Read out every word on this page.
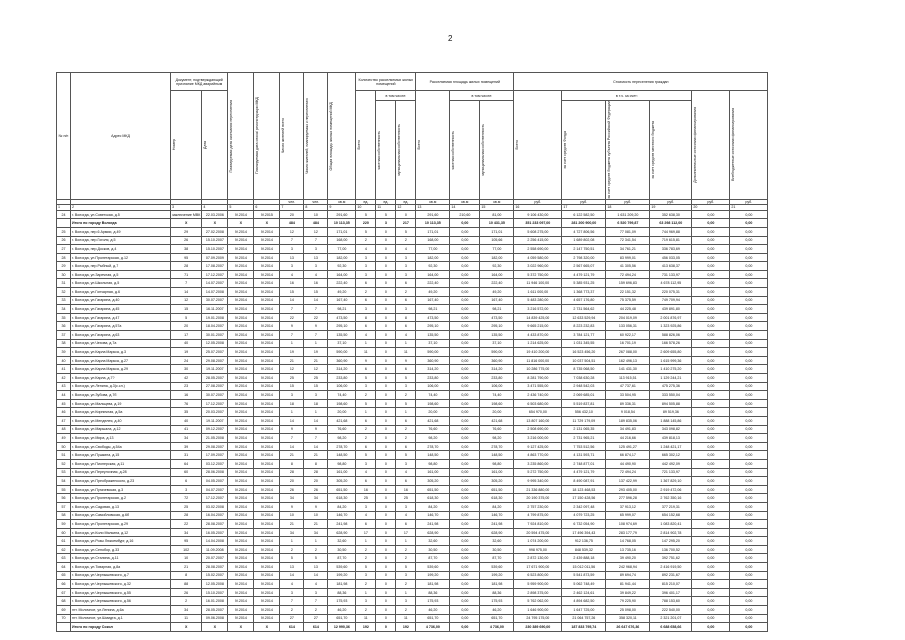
2
№ п/п	Адрес МКД	Документ, подтверждающий признание МКД аварийным		Планируемая дата окончания переселения	Планируемая дата сноса/ реконструкции МКД	Число жителей всего	Число жителей, планируемых к переселению	Общая площадь жилых помещений МКД	Количество расселяемых жилых помещений			Расселяемая площадь жилых помещений			Стоимость переселения граждан					

		Номер	Дата						Всего	в том числе:		Всего	в том числе:		Всего	в т.ч. за счет:			Дополнительные источники финансирования	Внебюджетные источники финансирования

										частная собственность	муниципальная собственность		частная собственность	муниципальная собственность		за счет средств Фонда	за счет средств бюджета субъекта Российской Федерации	за счет средств местного бюджета		

						чел.	чел.	кв.м	ед.	ед.	ед.	кв.м	кв.м	кв.м	руб.	руб.	руб.	руб.	руб.	руб.
1	2	3	4	5	6	7	8	9	10	11	12	13	14	15	16	17	18	19	20	21
24	г. Вологда, ул.Советская, д.5	заключение МВК	22.03.2006	IV.2014	IV.2015	20	10	291,60	5	5	0	291,60	210,60	81,00	9 106 430,00	6 122 582,50	1 631 209,20	352 638,30	0,00	0,00
	Итого по городу Вологда	Х	Х	Х	Х	484	484	10 113,35	220	3	217	10 113,35	0,00	10 431,35	351 233 097,00	281 200 900,00	6 520 799,87	63 298 112,00	0,00	0,00
25	г. Вологда, пер.6 Армии, д.49	29	27.02.2008	IV.2014	IV.2014	12	12	171,01	5	0	5	171,01	0,00	171,01	5 608 275,00	4 727 806,56	77 081,09	744 969,88	0,00	0,00
26	г. Вологда, пер.Гоголя, д.5	26	15.10.2007	IV.2014	IV.2014	7	7	168,00	2	0	2	168,00	0,00	105,66	2 256 415,00	1 689 802,08	72 341,54	719 615,81	0,00	0,00
27	г. Вологда, пер.Досков, д.4	38	15.10.2007	IV.2014	IV.2014	3	3	77,00	4	0	4	77,00	0,00	77,00	2 558 690,00	2 147 750,51	34 761,21	336 783,69	0,00	0,00
28	г. Вологда, ул.Пролетарская, д.12	95	07.09.2009	IV.2014	IV.2014	13	13	182,00	3	0	3	182,00	0,00	182,00	4 059 580,00	2 798 320,00	83 999,01	456 033,05	0,00	0,00
29	г. Вологда, пер.Рыбный, д.7	28	17.08.2007	IV.2014	IV.2014	3	3	92,30	3	0	3	92,30	0,00	92,30	3 022 960,00	2 567 665,07	41 305,56	413 638,37	0,00	0,00
30	г. Вологда, ул.Заречная, д.5	71	17.12.2007	IV.2014	IV.2014	4	4	164,00	3	0	3	164,00	0,00	164,00	5 372 750,00	4 479 121,79	72 494,24	731 133,97	0,00	0,00
31	г. Вологда, ул.Школьная, д.5	7	14.07.2007	IV.2014	IV.2014	16	16	222,40	6	0	6	222,40	0,00	222,40	11 946 100,00	5 385 931,25	159 696,83	4 678 112,95	0,00	0,00
32	г. Вологда, ул.Гончарная, д.6	14	14.07.2008	IV.2014	IV.2014	15	15	49,20	2	0	2	49,20	0,00	49,20	1 611 000,00	1 368 773,37	22 151,32	220 075,31	0,00	0,00
33	г. Вологда, ул.Гагарина, д.40	12	30.07.2007	IV.2014	IV.2014	14	14	167,40	6	0	6	167,40	0,00	167,40	5 483 280,00	4 657 176,80	75 375,59	749 709,94	0,00	0,00
34	г. Вологда, ул.Гагарина, д.45	15	16.11.2007	IV.2014	IV.2014	7	7	98,21	3	0	3	98,21	0,00	98,21	3 216 572,00	2 731 564,62	44 225,48	439 891,80	0,00	0,00
35	г. Вологда, ул.Гагарина, д.47	5	19.01.2008	IV.2014	IV.2014	22	22	473,50	8	0	8	473,50	0,00	473,50	14 839 425,00	12 633 529,94	204 019,09	2 001 876,97	0,00	0,00
36	г. Вологда, ул.Гагарина, д.57а	20	18.04.2007	IV.2014	IV.2014	9	9	295,10	6	0	6	295,10	0,00	295,10	9 665 215,00	8 223 232,83	133 056,31	1 323 925,86	0,00	0,00
37	г. Вологда, ул.Гагарина, д.63	17	30.01.2007	IV.2014	IV.2014	7	7	135,50	4	0	4	135,50	0,00	135,50	4 433 870,00	3 784 121,77	60 922,17	588 826,06	0,00	0,00
38	г. Вологда, ул.Чехова, д.7а	40	12.05.2008	IV.2014	IV.2014	1	1	37,10	1	0	1	37,10	0,00	37,10	1 214 625,00	1 031 345,55	16 701,19	166 578,26	0,00	0,00
39	г. Вологда, ул.Карла Маркса, д.3	19	25.07.2007	IV.2014	IV.2014	19	19	590,00	11	0	11	590,00	0,00	590,00	19 410 200,00	16 523 456,20	267 088,00	2 609 655,80	0,00	0,00
40	г. Вологда, ул.Карла Маркса, д.27	24	29.08.2007	IV.2014	IV.2014	21	21	360,90	9	0	9	360,90	0,00	360,90	11 816 000,00	10 037 504,51	162 496,13	1 615 999,36	0,00	0,00
41	г. Вологда, ул.Карла Маркса, д.29	30	19.11.2007	IV.2014	IV.2014	12	12	314,20	6	0	6	314,20	0,00	314,20	10 286 775,00	8 735 068,50	141 431,30	1 410 275,20	0,00	0,00
42	г. Вологда, ул.Карла, д.7?	42	28.05.2007	IV.2014	IV.2014	25	25	233,80	5	0	5	233,80	0,00	233,80	8 281 790,00	7 038 630,28	113 915,51	1 129 244,21	0,00	0,00
43	г. Вологда, ул.Ленина, д.3(с.сл.)	23	27.08.2007	IV.2014	IV.2014	15	15	106,00	3	0	3	106,00	0,00	106,00	3 471 555,00	2 948 542,03	47 737,61	475 275,36	0,00	0,00
44	г. Вологда, ул.Зубова, д.7б	16	30.07.2007	IV.2014	IV.2014	3	3	74,40	2	0	2	74,40	0,00	74,40	2 436 740,00	2 069 685,01	33 504,95	333 550,04	0,00	0,00
45	г. Вологда, ул.Мальцева, д.19	76	17.12.2007	IV.2014	IV.2014	18	18	198,60	5	0	5	198,60	0,00	198,60	6 503 680,00	5 519 837,81	89 336,31	894 505,88	0,00	0,00
46	г. Вологда, ул.Кирпичная, д.5а	35	20.03.2007	IV.2014	IV.2014	1	1	20,00	1	0	1	20,00	0,00	20,00	654 970,00	556 432,10	9 018,54	89 519,36	0,00	0,00
47	г. Вологда, ул.Менделея, д.40	40	19.11.2007	IV.2014	IV.2014	14	14	421,68	6	0	6	421,68	0,00	421,68	13 807 160,00	11 729 179,09	189 835,06	1 888 145,86	0,00	0,00
48	г. Вологда, ул.Маршала, д.12	41	09.12.2007	IV.2014	IV.2014	9	9	76,60	2	0	2	76,60	0,00	76,60	2 508 690,00	2 131 065,35	34 491,83	343 098,82	0,00	0,00
49	г. Вологда, ул.Мира, д.13	34	21.05.2008	IV.2014	IV.2014	7	7	98,20	2	0	2	98,20	0,00	98,20	3 216 000,00	2 731 965,21	44 216,66	439 818,13	0,00	0,00
50	г. Вологда, ул.Свободы, д.54а	39	29.08.2007	IV.2014	IV.2014	14	14	278,70	6	0	6	278,70	0,00	278,70	9 127 425,00	7 753 512,56	125 491,27	1 248 421,17	0,00	0,00
51	г. Вологда, ул.Пушкина, д.15	31	17.09.2007	IV.2014	IV.2014	21	21	148,50	5	0	5	148,50	0,00	148,50	4 863 770,00	4 131 593,71	66 874,17	665 302,12	0,00	0,00
52	г. Вологда, ул.Пионерская, д.11	64	03.12.2007	IV.2014	IV.2014	8	8	98,80	3	0	3	98,80	0,00	98,80	3 235 860,00	2 748 877,01	44 490,90	442 492,09	0,00	0,00
53	г. Вологда, ул.Переулочная, д.28	60	28.06.2008	IV.2014	IV.2014	28	28	161,00	4	0	4	161,00	0,00	161,00	5 272 750,00	4 479 121,79	72 494,24	721 133,97	0,00	0,00
54	г. Вологда, ул.Преображенского, д.23	6	04.05.2007	IV.2014	IV.2014	20	20	305,20	6	0	6	305,20	0,00	305,20	9 995 340,00	8 490 087,91	137 422,99	1 367 829,10	0,00	0,00
55	г. Вологда, ул.Пугачевская, д.3	3	04.07.2007	IV.2014	IV.2014	26	26	651,50	16	0	16	651,50	0,00	651,50	21 336 880,00	18 123 468,53	293 405,00	2 919 472,06	0,00	0,00
56	г. Вологда, ул.Пролетарская, д.2	72	17.12.2007	IV.2014	IV.2014	34	34	618,30	25	0	25	618,30	0,00	618,30	20 190 375,00	17 150 428,56	277 596,28	2 762 350,16	0,00	0,00
57	г. Вологда, ул.Садовая, д.13	25	03.02.2008	IV.2014	IV.2014	9	9	84,20	3	0	3	84,20	0,00	84,20	2 757 230,00	2 342 097,48	37 913,12	377 219,31	0,00	0,00
58	г. Вологда, ул.Самойловская, д.6б	28	16.04.2007	IV.2014	IV.2014	10	10	146,70	4	0	4	146,70	0,00	146,70	4 799 875,00	4 079 723,25	65 999,07	654 152,68	0,00	0,00
59	г. Вологда, ул.Пролетарская, д.29	22	28.08.2007	IV.2014	IV.2014	21	21	241,98	6	0	6	241,98	0,00	241,98	7 924 810,00	6 732 054,90	108 974,69	1 083 820,41	0,00	0,00
60	г. Вологда, ул.Коли Мялкина, д.12	34	16.05.2007	IV.2014	IV.2014	34	34	628,90	17	0	17	628,90	0,00	628,90	20 594 475,00	17 496 394,43	283 177,79	2 814 902,78	0,00	0,00
61	г. Вологда, ул.Розы Люксембург, д.16	95	14.04.2008	IV.2014	IV.2014	1	1	32,60	1	0	1	32,60	0,00	32,60	1 074 200,00	912 136,75	14 768,05	147 295,20	0,00	0,00
62	г. Вологда, ул.Сенобор, д.33	102	11.09.2008	IV.2014	IV.2014	2	2	30,50	2	0	2	30,50	0,00	30,50	998 975,00	848 539,32	13 735,16	136 700,52	0,00	0,00
63	г. Вологда, ул.Сталина, д.11	10	20.07.2007	IV.2014	IV.2014	5	5	87,70	2	0	2	87,70	0,00	87,70	2 872 130,00	2 439 888,18	39 490,20	392 751,62	0,00	0,00
64	г. Вологда, ул.Товарная, д.8а	21	28.08.2007	IV.2014	IV.2014	13	13	539,60	5	0	5	539,60	0,00	539,60	17 671 900,00	15 012 011,56	242 968,94	2 416 919,50	0,00	0,00
65	г. Вологда, ул.Чернышевского, д.7	8	15.02.2007	IV.2014	IV.2014	14	14	199,20	3	0	3	199,20	0,00	199,20	6 523 800,00	5 541 873,59	89 694,74	892 231,67	0,00	0,00
66	г. Вологда, ул.Чернышевского, д.32	88	12.05.2008	IV.2014	IV.2014	4	4	181,98	2	0	2	181,98	0,00	181,98	5 959 900,00	5 062 748,49	81 941,44	815 210,07	0,00	0,00
67	г. Вологда, ул.Чернышевского, д.55	26	15.10.2007	IV.2014	IV.2014	3	3	88,36	1	0	1	88,36	0,00	88,36	2 898 375,00	2 462 124,61	39 849,22	396 401,17	0,00	0,00
68	г. Вологда, ул.Чернышевского, д.56	2	16.01.2008	IV.2014	IV.2014	7	7	175,93	3	0	3	175,93	0,00	175,93	5 762 062,00	4 894 682,50	79 225,90	788 153,60	0,00	0,00
69	пгт. Молочное, ул.Ленина, д.6а	34	28.05.2007	IV.2014	IV.2014	2	2	46,20	2	0	2	46,20	0,00	46,20	1 646 900,00	1 647 725,00	25 098,00	222 540,00	0,00	0,00
70	пгт. Молочное, ул.Шмидта, д.1	11	09.06.2008	IV.2014	IV.2014	27	27	651,70	11	0	11	651,70	0,00	651,70	24 795 175,00	21 064 757,26	358 320,11	2 321 201,07	0,00	0,00
	Итого по городу Сокол	Х	Х	Х	Х	614	614	12 990,36	192	0	192	4 736,00	0,00	4 736,00	230 389 690,00	187 833 795,74	26 647 676,36	6 688 658,66	0,00	0,00
